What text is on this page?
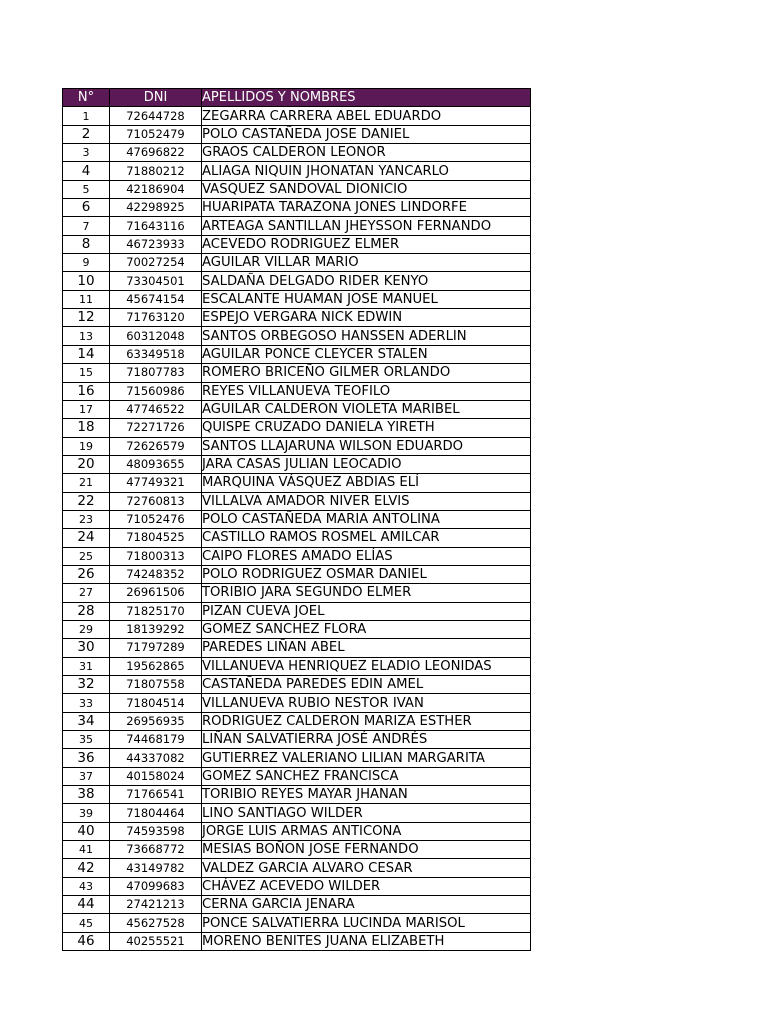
N°	DNI	APELLIDOS Y NOMBRES
1	72644728	ZEGARRA CARRERA ABEL EDUARDO
2	71052479	POLO CASTAÑEDA JOSE DANIEL
3	47696822	GRAOS CALDERON LEONOR
4	71880212	ALIAGA NIQUIN JHONATAN YANCARLO
5	42186904	VASQUEZ SANDOVAL DIONICIO
6	42298925	HUARIPATA TARAZONA JONES LINDORFE
7	71643116	ARTEAGA SANTILLAN JHEYSSON FERNANDO
8	46723933	ACEVEDO RODRIGUEZ ELMER
9	70027254	AGUILAR VILLAR MARIO
10	73304501	SALDAÑA DELGADO RIDER KENYO
11	45674154	ESCALANTE HUAMAN JOSE MANUEL
12	71763120	ESPEJO VERGARA NICK EDWIN
13	60312048	SANTOS ORBEGOSO HANSSEN ADERLIN
14	63349518	AGUILAR PONCE CLEYCER STALEN
15	71807783	ROMERO BRICEÑO GILMER ORLANDO
16	71560986	REYES VILLANUEVA TEOFILO
17	47746522	AGUILAR CALDERON VIOLETA MARIBEL
18	72271726	QUISPE CRUZADO DANIELA YIRETH
19	72626579	SANTOS LLAJARUNA WILSON EDUARDO
20	48093655	JARA CASAS JULIAN LEOCADIO
21	47749321	MARQUINA VÁSQUEZ ABDIAS ELÍ
22	72760813	VILLALVA AMADOR NIVER ELVIS
23	71052476	POLO CASTAÑEDA MARIA ANTOLINA
24	71804525	CASTILLO RAMOS ROSMEL AMILCAR
25	71800313	CAIPO FLORES AMADO ELÍAS
26	74248352	POLO RODRIGUEZ OSMAR DANIEL
27	26961506	TORIBIO JARA SEGUNDO ELMER
28	71825170	PIZAN CUEVA JOEL
29	18139292	GOMEZ SANCHEZ FLORA
30	71797289	PAREDES LIÑAN ABEL
31	19562865	VILLANUEVA HENRIQUEZ ELADIO LEONIDAS
32	71807558	CASTAÑEDA PAREDES EDIN AMEL
33	71804514	VILLANUEVA RUBIO NESTOR IVAN
34	26956935	RODRIGUEZ CALDERON MARIZA ESTHER
35	74468179	LIÑAN SALVATIERRA JOSÉ ANDRÉS
36	44337082	GUTIERREZ VALERIANO LILIAN MARGARITA
37	40158024	GOMEZ SANCHEZ FRANCISCA
38	71766541	TORIBIO REYES MAYAR JHANAN
39	71804464	LINO SANTIAGO WILDER
40	74593598	JORGE LUIS ARMAS ANTICONA
41	73668772	MESIAS BOÑON JOSE FERNANDO
42	43149782	VALDEZ GARCIA ALVARO CESAR
43	47099683	CHÁVEZ ACEVEDO WILDER
44	27421213	CERNA GARCIA JENARA
45	45627528	PONCE SALVATIERRA LUCINDA MARISOL
46	40255521	MORENO BENITES JUANA ELIZABETH
